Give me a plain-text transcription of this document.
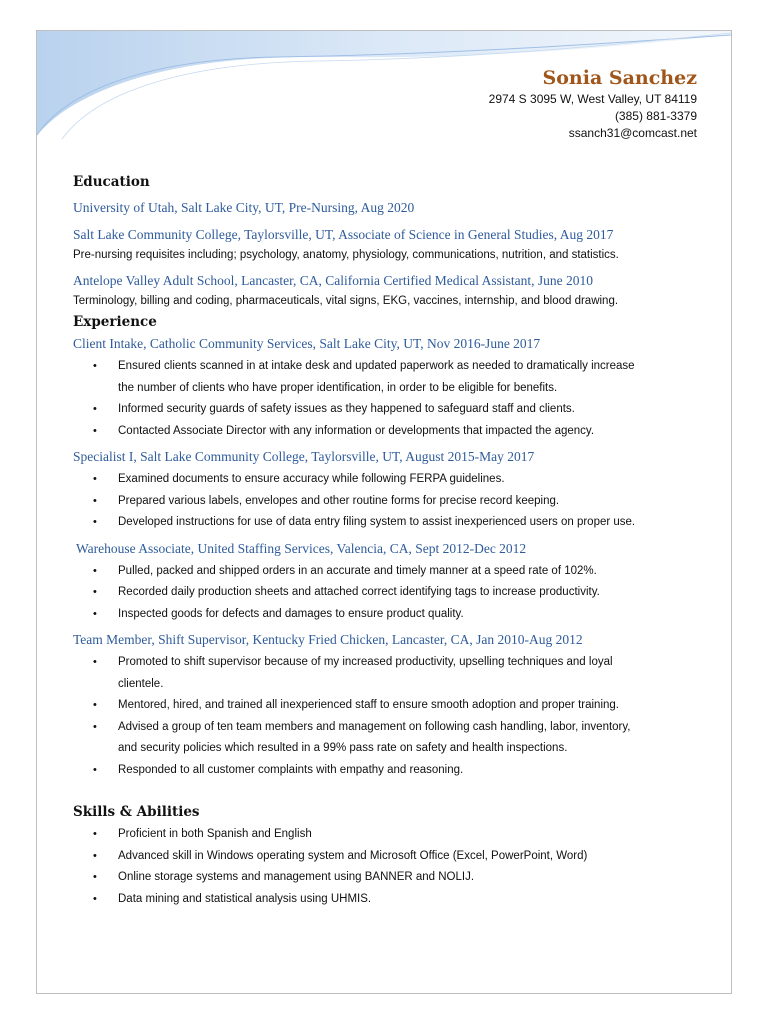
Sonia Sanchez
2974 S 3095 W, West Valley, UT 84119
(385) 881-3379
ssanch31@comcast.net
Education

University of Utah, Salt Lake City, UT, Pre-Nursing, Aug 2020

Salt Lake Community College, Taylorsville, UT, Associate of Science in General Studies, Aug 2017

Pre-nursing requisites including; psychology, anatomy, physiology, communications, nutrition, and statistics.

Antelope Valley Adult School, Lancaster, CA, California Certified Medical Assistant, June 2010

Terminology, billing and coding, pharmaceuticals, vital signs, EKG, vaccines, internship, and blood drawing.

Experience

Client Intake, Catholic Community Services, Salt Lake City, UT, Nov 2016-June 2017

• Ensured clients scanned in at intake desk and updated paperwork as needed to dramatically increase
the number of clients who have proper identification, in order to be eligible for benefits.
• Informed security guards of safety issues as they happened to safeguard staff and clients.
• Contacted Associate Director with any information or developments that impacted the agency.

Specialist I, Salt Lake Community College, Taylorsville, UT, August 2015-May 2017

• Examined documents to ensure accuracy while following FERPA guidelines.
• Prepared various labels, envelopes and other routine forms for precise record keeping.
• Developed instructions for use of data entry filing system to assist inexperienced users on proper use.

Warehouse Associate, United Staffing Services, Valencia, CA, Sept 2012-Dec 2012

• Pulled, packed and shipped orders in an accurate and timely manner at a speed rate of 102%.
• Recorded daily production sheets and attached correct identifying tags to increase productivity.
• Inspected goods for defects and damages to ensure product quality.

Team Member, Shift Supervisor, Kentucky Fried Chicken, Lancaster, CA, Jan 2010-Aug 2012

• Promoted to shift supervisor because of my increased productivity, upselling techniques and loyal
clientele.
• Mentored, hired, and trained all inexperienced staff to ensure smooth adoption and proper training.
• Advised a group of ten team members and management on following cash handling, labor, inventory,
and security policies which resulted in a 99% pass rate on safety and health inspections.
• Responded to all customer complaints with empathy and reasoning.
Skills & Abilities
• Proficient in both Spanish and English
• Advanced skill in Windows operating system and Microsoft Office (Excel, PowerPoint, Word)
• Online storage systems and management using BANNER and NOLIJ.
• Data mining and statistical analysis using UHMIS.
